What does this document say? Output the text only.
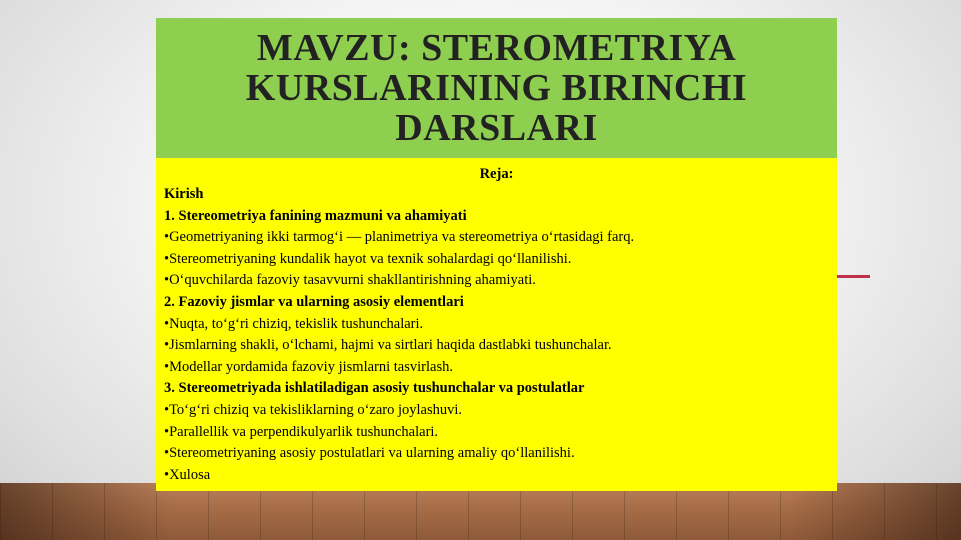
MAVZU: STEROMETRIYA KURSLARINING BIRINCHI DARSLARI

Reja:

Kirish

1. Stereometriya fanining mazmuni va ahamiyati

•Geometriyaning ikki tarmog‘i — planimetriya va stereometriya o‘rtasidagi farq.

•Stereometriyaning kundalik hayot va texnik sohalardagi qo‘llanilishi.

•O‘quvchilarda fazoviy tasavvurni shakllantirishning ahamiyati.

2. Fazoviy jismlar va ularning asosiy elementlari

•Nuqta, to‘g‘ri chiziq, tekislik tushunchalari.

•Jismlarning shakli, o‘lchami, hajmi va sirtlari haqida dastlabki tushunchalar.

•Modellar yordamida fazoviy jismlarni tasvirlash.

3. Stereometriyada ishlatiladigan asosiy tushunchalar va postulatlar

•To‘g‘ri chiziq va tekisliklarning o‘zaro joylashuvi.

•Parallellik va perpendikulyarlik tushunchalari.

•Stereometriyaning asosiy postulatlari va ularning amaliy qo‘llanilishi.

•Xulosa
